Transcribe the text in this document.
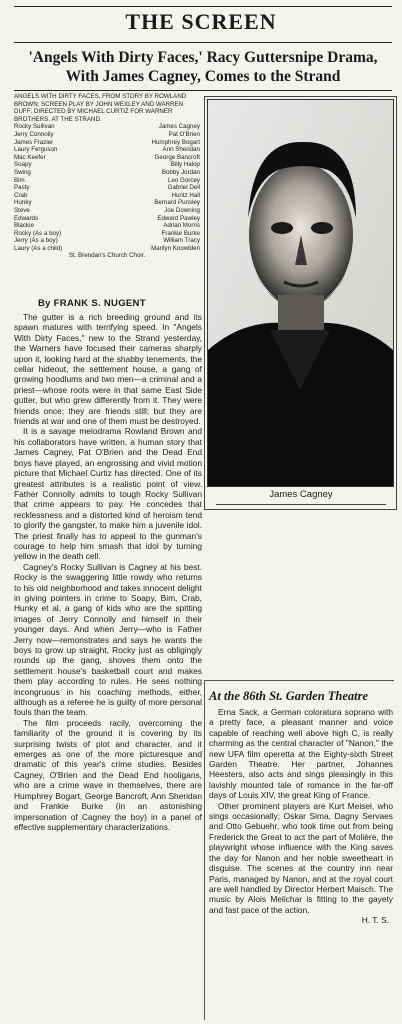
THE SCREEN
'Angels With Dirty Faces,' Racy Guttersnipe Drama,
With James Cagney, Comes to the Strand
ANGELS WITH DIRTY FACES, FROM STORY BY ROWLAND BROWN; SCREEN PLAY BY JOHN WEXLEY AND WARREN DUFF; DIRECTED BY MICHAEL CURTIZ FOR WARNER BROTHERS. AT THE STRAND.
Rocky Sullivan	James Cagney
Jerry Connolly	Pat O'Brien
James Frazier	Humphrey Bogart
Laury Ferguson	Ann Sheridan
Mac Keefer	George Bancroft
Soapy	Billy Halop
Swing	Bobby Jordan
Bim	Leo Gorcey
Pasty	Gabriel Dell
Crab	Huntz Hall
Hunky	Bernard Punsley
Steve	Joe Downing
Edwards	Edward Pawley
Blackie	Adrian Morris
Rocky (As a boy)	Frankie Burke
Jerry (As a boy)	William Tracy
Laury (As a child)	Marilyn Knowlden
St. Brendan's Church Choir.
By FRANK S. NUGENT

The gutter is a rich breeding ground and its spawn matures with terrifying speed. In "Angels With Dirty Faces," new to the Strand yesterday, the Warners have focused their cameras sharply upon it, looking hard at the shabby tenements, the cellar hideout, the settlement house, a gang of growing hoodlums and two men—a criminal and a priest—whose roots were in that same East Side gutter, but who grew differently from it. They were friends once; they are friends still; but they are friends at war and one of them must be destroyed.

It is a savage melodrama Rowland Brown and his collaborators have written, a human story that James Cagney, Pat O'Brien and the Dead End boys have played, an engrossing and vivid motion picture that Michael Curtiz has directed. One of its greatest attributes is a realistic point of view. Father Connolly admits to tough Rocky Sullivan that crime appears to pay. He concedes that recklessness and a distorted kind of heroism tend to glorify the gangster, to make him a juvenile idol. The priest finally has to appeal to the gunman's courage to help him smash that idol by turning yellow in the death cell.

Cagney's Rocky Sullivan is Cagney at his best. Rocky is the swaggering little rowdy who returns to his old neighborhood and takes innocent delight in giving pointers in crime to Soapy, Bim, Crab, Hunky et al, a gang of kids who are the spitting images of Jerry Connolly and himself in their younger days. And when Jerry—who is Father Jerry now—remonstrates and says he wants the boys to grow up straight, Rocky just as obligingly rounds up the gang, shoves them onto the settlement house's basketball court and makes them play according to rules. He sees nothing incongruous in his coaching methods, either, although as a referee he is guilty of more personal fouls than the team.

The film proceeds racily, overcoming the familiarity of the ground it is covering by its surprising twists of plot and character, and it emerges as one of the more picturesque and dramatic of this year's crime studies. Besides Cagney, O'Brien and the Dead End hooligans, who are a crime wave in themselves, there are Humphrey Bogart, George Bancroft, Ann Sheridan and Frankie Burke (in an astonishing impersonation of Cagney the boy) in a panel of effective supplementary characterizations.

James Cagney
At the 86th St. Garden Theatre

Erna Sack, a German coloratura soprano with a pretty face, a pleasant manner and voice capable of reaching well above high C, is really charming as the central character of "Nanon," the new UFA film operetta at the Eighty-sixth Street Garden Theatre. Her partner, Johannes Heesters, also acts and sings pleasingly in this lavishly mounted tale of romance in the far-off days of Louis XIV, the great King of France.

Other prominent players are Kurt Meisel, who sings occasionally; Oskar Sima, Dagny Servaes and Otto Gebuehr, who took time out from being Frederick the Great to act the part of Molière, the playwright whose influence with the King saves the day for Nanon and her noble sweetheart in disguise. The scenes at the country inn near Paris, managed by Nanon, and at the royal court are well handled by Director Herbert Maisch. The music by Alois Melichar is fitting to the gayety and fast pace of the action.

H. T. S.
